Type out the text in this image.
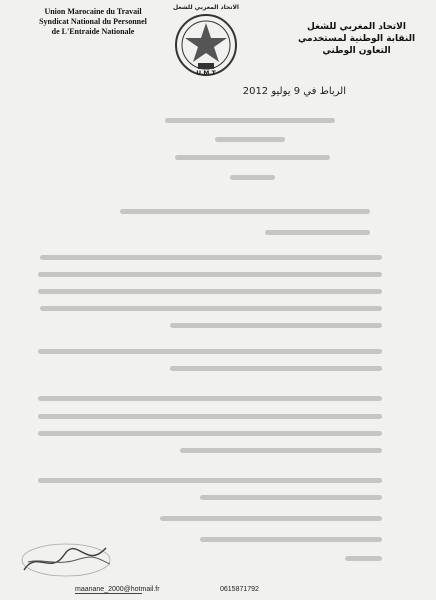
Union Marocaine du Travail
Syndicat National du Personnel
de L'Entraide Nationale
الاتحاد المغربي للشغل
U.M.T
الاتحاد المغربي للشغل
النقابة الوطنية لمستخدمي
التعاون الوطني
الرباط في 9 يوليو 2012
maanane_2000@hotmail.fr	0615871792
